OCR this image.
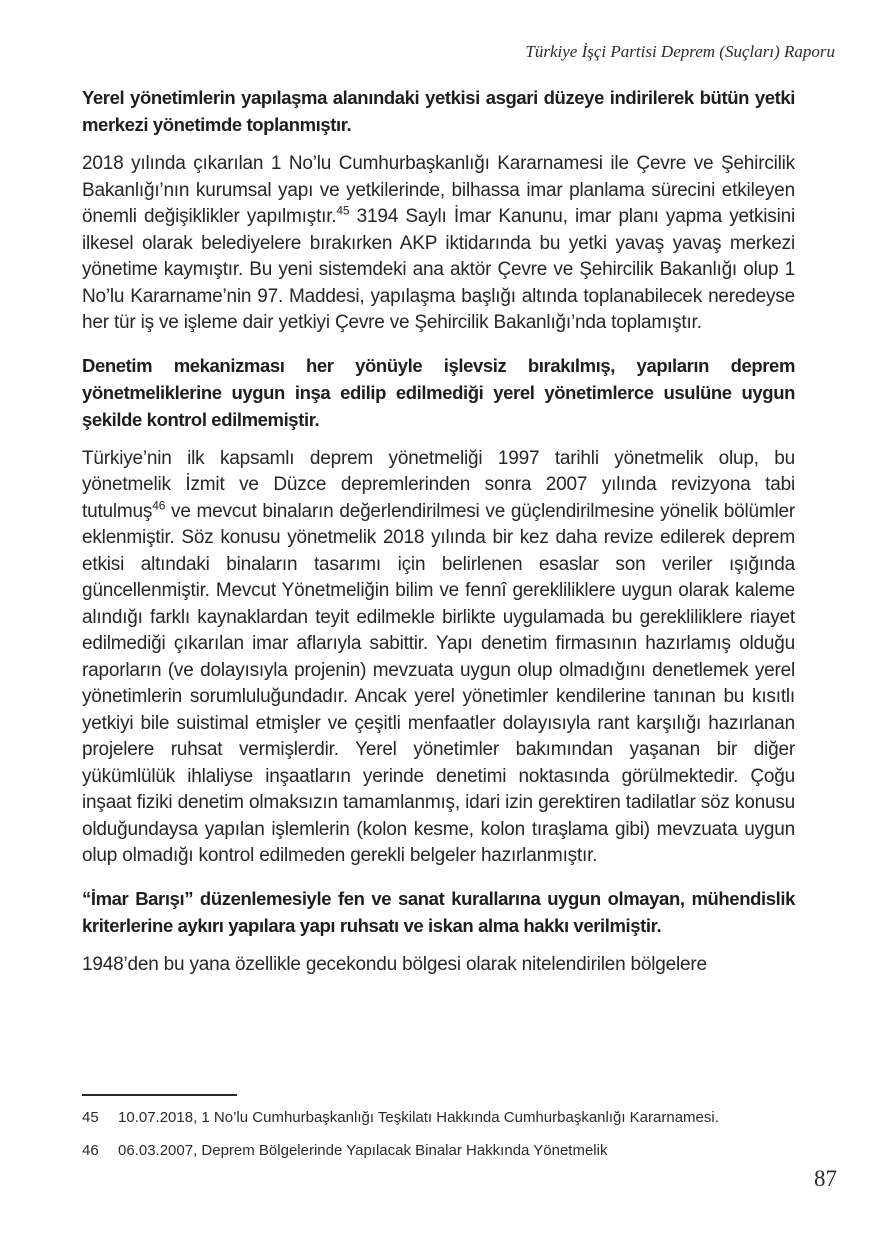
Türkiye İşçi Partisi Deprem (Suçları) Raporu

Yerel yönetimlerin yapılaşma alanındaki yetkisi asgari düzeye indirilerek bütün yetki merkezi yönetimde toplanmıştır.

2018 yılında çıkarılan 1 No’lu Cumhurbaşkanlığı Kararnamesi ile Çevre ve Şehircilik Bakanlığı’nın kurumsal yapı ve yetkilerinde, bilhassa imar planlama sürecini etkileyen önemli değişiklikler yapılmıştır.$^{45}$ 3194 Saylı İmar Kanunu, imar planı yapma yetkisini ilkesel olarak belediyelere bırakırken AKP iktidarında bu yetki yavaş yavaş merkezi yönetime kaymıştır. Bu yeni sistemdeki ana aktör Çevre ve Şehircilik Bakanlığı olup 1 No’lu Kararname’nin 97. Maddesi, yapılaşma başlığı altında toplanabilecek neredeyse her tür iş ve işleme dair yetkiyi Çevre ve Şehircilik Bakanlığı’nda toplamıştır.

Denetim mekanizması her yönüyle işlevsiz bırakılmış, yapıların deprem yönetmeliklerine uygun inşa edilip edilmediği yerel yönetimlerce usulüne uygun şekilde kontrol edilmemiştir.

Türkiye’nin ilk kapsamlı deprem yönetmeliği 1997 tarihli yönetmelik olup, bu yönetmelik İzmit ve Düzce depremlerinden sonra 2007 yılında revizyona tabi tutulmuş$^{46}$ ve mevcut binaların değerlendirilmesi ve güçlendirilmesine yönelik bölümler eklenmiştir. Söz konusu yönetmelik 2018 yılında bir kez daha revize edilerek deprem etkisi altındaki binaların tasarımı için belirlenen esaslar son veriler ışığında güncellenmiştir. Mevcut Yönetmeliğin bilim ve fennî gerekliliklere uygun olarak kaleme alındığı farklı kaynaklardan teyit edilmekle birlikte uygulamada bu gerekliliklere riayet edilmediği çıkarılan imar aflarıyla sabittir. Yapı denetim firmasının hazırlamış olduğu raporların (ve dolayısıyla projenin) mevzuata uygun olup olmadığını denetlemek yerel yönetimlerin sorumluluğundadır. Ancak yerel yönetimler kendilerine tanınan bu kısıtlı yetkiyi bile suistimal etmişler ve çeşitli menfaatler dolayısıyla rant karşılığı hazırlanan projelere ruhsat vermişlerdir. Yerel yönetimler bakımından yaşanan bir diğer yükümlülük ihlaliyse inşaatların yerinde denetimi noktasında görülmektedir. Çoğu inşaat fiziki denetim olmaksızın tamamlanmış, idari izin gerektiren tadilatlar söz konusu olduğundaysa yapılan işlemlerin (kolon kesme, kolon tıraşlama gibi) mevzuata uygun olup olmadığı kontrol edilmeden gerekli belgeler hazırlanmıştır.

“İmar Barışı” düzenlemesiyle fen ve sanat kurallarına uygun olmayan, mühendislik kriterlerine aykırı yapılara yapı ruhsatı ve iskan alma hakkı verilmiştir.

1948’den bu yana özellikle gecekondu bölgesi olarak nitelendirilen bölgelere

45	10.07.2018, 1 No’lu Cumhurbaşkanlığı Teşkilatı Hakkında Cumhurbaşkanlığı Kararnamesi.
46	06.03.2007, Deprem Bölgelerinde Yapılacak Binalar Hakkında Yönetmelik
87
